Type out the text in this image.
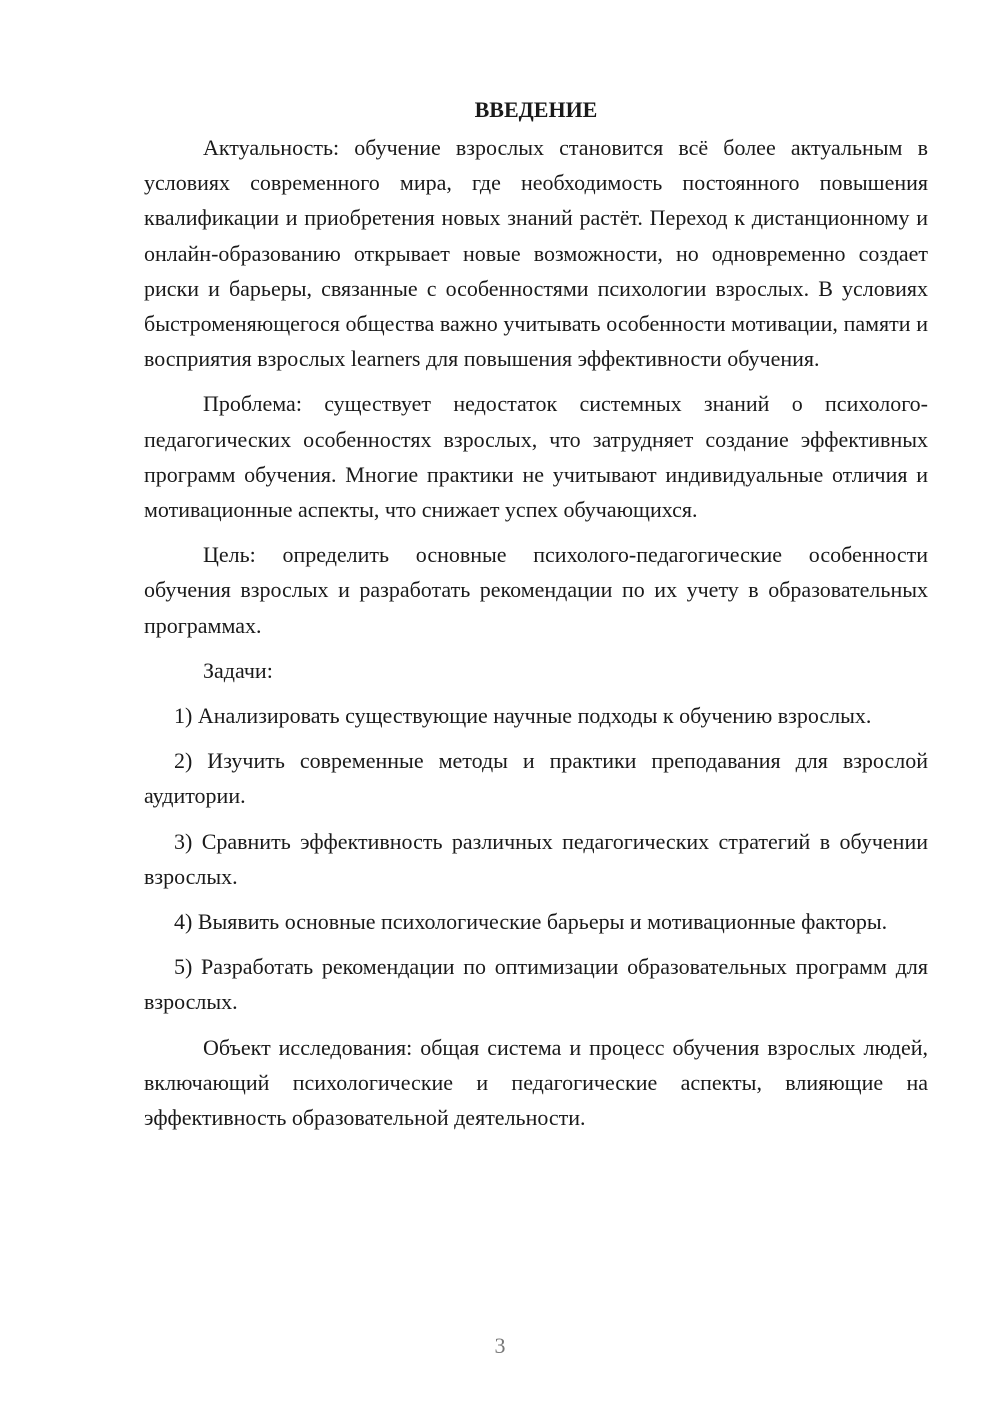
ВВЕДЕНИЕ

Актуальность: обучение взрослых становится всё более актуальным в условиях современного мира, где необходимость постоянного повышения квалификации и приобретения новых знаний растёт. Переход к дистанционному и онлайн-образованию открывает новые возможности, но одновременно создает риски и барьеры, связанные с особенностями психологии взрослых. В условиях быстроменяющегося общества важно учитывать особенности мотивации, памяти и восприятия взрослых learners для повышения эффективности обучения.

Проблема: существует недостаток системных знаний о психолого-педагогических особенностях взрослых, что затрудняет создание эффективных программ обучения. Многие практики не учитывают индивидуальные отличия и мотивационные аспекты, что снижает успех обучающихся.

Цель: определить основные психолого-педагогические особенности обучения взрослых и разработать рекомендации по их учету в образовательных программах.

Задачи:

1) Анализировать существующие научные подходы к обучению взрослых.

2) Изучить современные методы и практики преподавания для взрослой аудитории.

3) Сравнить эффективность различных педагогических стратегий в обучении взрослых.

4) Выявить основные психологические барьеры и мотивационные факторы.

5) Разработать рекомендации по оптимизации образовательных программ для взрослых.

Объект исследования: общая система и процесс обучения взрослых людей, включающий психологические и педагогические аспекты, влияющие на эффективность образовательной деятельности.

3
